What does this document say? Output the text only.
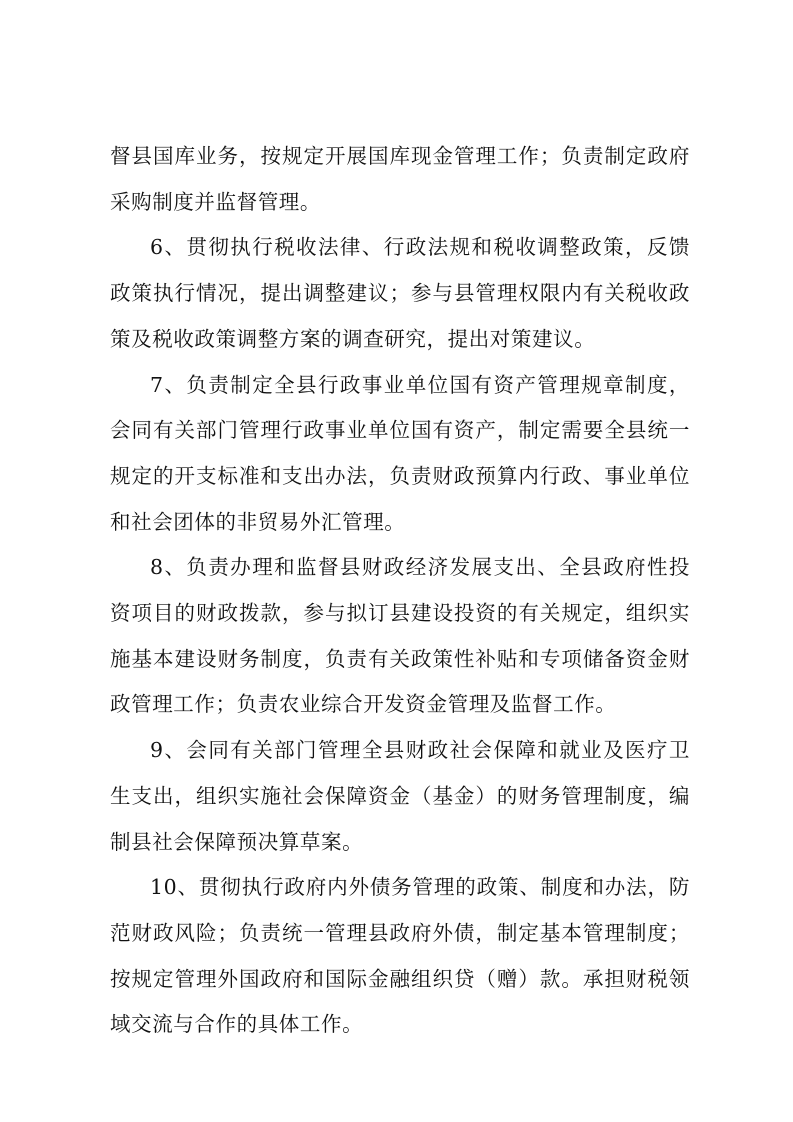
督县国库业务，按规定开展国库现金管理工作；负责制定政府采购制度并监督管理。

6、贯彻执行税收法律、行政法规和税收调整政策，反馈政策执行情况，提出调整建议；参与县管理权限内有关税收政策及税收政策调整方案的调查研究，提出对策建议。

7、负责制定全县行政事业单位国有资产管理规章制度，会同有关部门管理行政事业单位国有资产，制定需要全县统一规定的开支标准和支出办法，负责财政预算内行政、事业单位和社会团体的非贸易外汇管理。

8、负责办理和监督县财政经济发展支出、全县政府性投资项目的财政拨款，参与拟订县建设投资的有关规定，组织实施基本建设财务制度，负责有关政策性补贴和专项储备资金财政管理工作；负责农业综合开发资金管理及监督工作。

9、会同有关部门管理全县财政社会保障和就业及医疗卫生支出，组织实施社会保障资金（基金）的财务管理制度，编制县社会保障预决算草案。

10、贯彻执行政府内外债务管理的政策、制度和办法，防范财政风险；负责统一管理县政府外债，制定基本管理制度；按规定管理外国政府和国际金融组织贷（赠）款。承担财税领域交流与合作的具体工作。
